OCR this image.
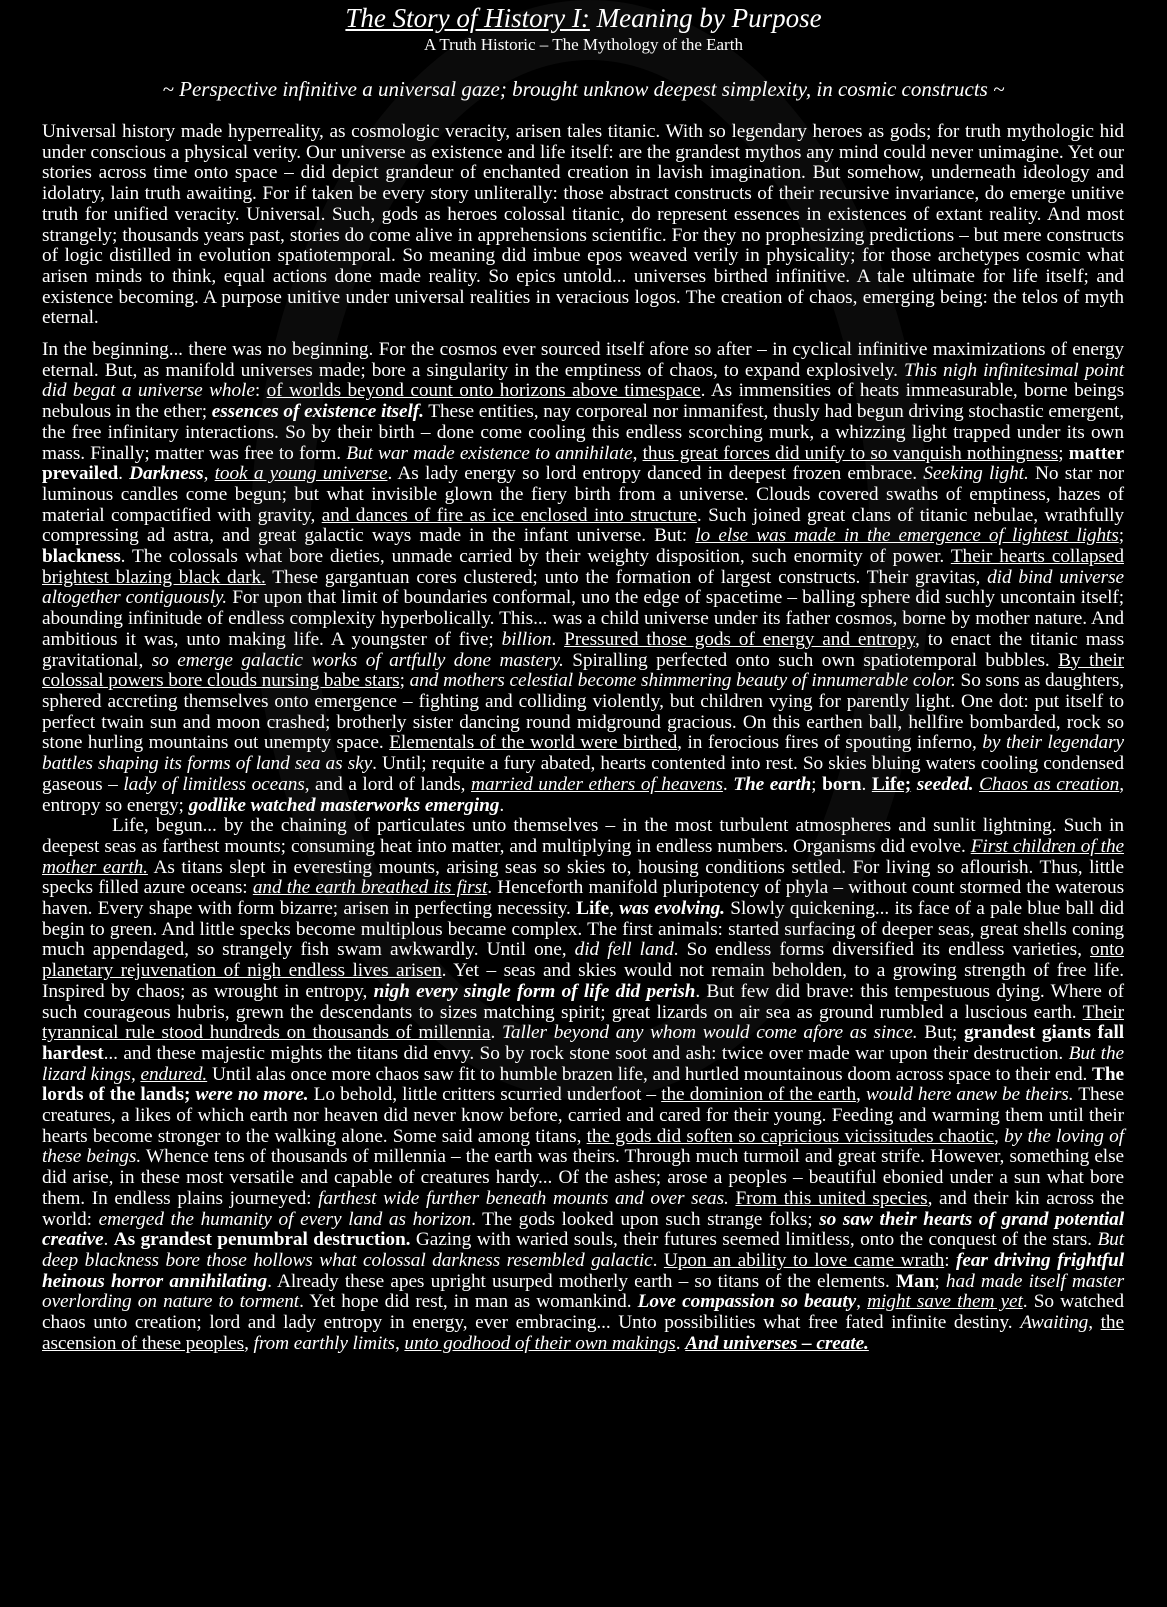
The Story of History I: Meaning by Purpose
A Truth Historic – The Mythology of the Earth
~ Perspective infinitive a universal gaze; brought unknow deepest simplexity, in cosmic constructs ~

Universal history made hyperreality, as cosmologic veracity, arisen tales titanic. With so legendary heroes as gods; for truth mythologic hid under conscious a physical verity. Our universe as existence and life itself: are the grandest mythos any mind could never unimagine. Yet our stories across time onto space – did depict grandeur of enchanted creation in lavish imagination. But somehow, underneath ideology and idolatry, lain truth awaiting. For if taken be every story unliterally: those abstract constructs of their recursive invariance, do emerge unitive truth for unified veracity. Universal. Such, gods as heroes colossal titanic, do represent essences in existences of extant reality. And most strangely; thousands years past, stories do come alive in apprehensions scientific. For they no prophesizing predictions – but mere constructs of logic distilled in evolution spatiotemporal. So meaning did imbue epos weaved verily in physicality; for those archetypes cosmic what arisen minds to think, equal actions done made reality. So epics untold... universes birthed infinitive. A tale ultimate for life itself; and existence becoming. A purpose unitive under universal realities in veracious logos. The creation of chaos, emerging being: the telos of myth eternal.

In the beginning... there was no beginning. For the cosmos ever sourced itself afore so after – in cyclical infinitive maximizations of energy eternal. But, as manifold universes made; bore a singularity in the emptiness of chaos, to expand explosively. This nigh infinitesimal point did begat a universe whole: of worlds beyond count onto horizons above timespace. As immensities of heats immeasurable, borne beings nebulous in the ether; essences of existence itself. These entities, nay corporeal nor inmanifest, thusly had begun driving stochastic emergent, the free infinitary interactions. So by their birth – done come cooling this endless scorching murk, a whizzing light trapped under its own mass. Finally; matter was free to form. But war made existence to annihilate, thus great forces did unify to so vanquish nothingness; matter prevailed. Darkness, took a young universe. As lady energy so lord entropy danced in deepest frozen embrace. Seeking light. No star nor luminous candles come begun; but what invisible glown the fiery birth from a universe. Clouds covered swaths of emptiness, hazes of material compactified with gravity, and dances of fire as ice enclosed into structure. Such joined great clans of titanic nebulae, wrathfully compressing ad astra, and great galactic ways made in the infant universe. But: lo else was made in the emergence of lightest lights; blackness. The colossals what bore dieties, unmade carried by their weighty disposition, such enormity of power. Their hearts collapsed brightest blazing black dark. These gargantuan cores clustered; unto the formation of largest constructs. Their gravitas, did bind universe altogether contiguously. For upon that limit of boundaries conformal, uno the edge of spacetime – balling sphere did suchly uncontain itself; abounding infinitude of endless complexity hyperbolically. This... was a child universe under its father cosmos, borne by mother nature. And ambitious it was, unto making life. A youngster of five; billion. Pressured those gods of energy and entropy, to enact the titanic mass gravitational, so emerge galactic works of artfully done mastery. Spiralling perfected onto such own spatiotemporal bubbles. By their colossal powers bore clouds nursing babe stars; and mothers celestial become shimmering beauty of innumerable color. So sons as daughters, sphered accreting themselves onto emergence – fighting and colliding violently, but children vying for parently light. One dot: put itself to perfect twain sun and moon crashed; brotherly sister dancing round midground gracious. On this earthen ball, hellfire bombarded, rock so stone hurling mountains out unempty space. Elementals of the world were birthed, in ferocious fires of spouting inferno, by their legendary battles shaping its forms of land sea as sky. Until; requite a fury abated, hearts contented into rest. So skies bluing waters cooling condensed gaseous – lady of limitless oceans, and a lord of lands, married under ethers of heavens. The earth; born. Life; seeded. Chaos as creation, entropy so energy; godlike watched masterworks emerging.

Life, begun... by the chaining of particulates unto themselves – in the most turbulent atmospheres and sunlit lightning. Such in deepest seas as farthest mounts; consuming heat into matter, and multiplying in endless numbers. Organisms did evolve. First children of the mother earth. As titans slept in everesting mounts, arising seas so skies to, housing conditions settled. For living so aflourish. Thus, little specks filled azure oceans: and the earth breathed its first. Henceforth manifold pluripotency of phyla – without count stormed the waterous haven. Every shape with form bizarre; arisen in perfecting necessity. Life, was evolving. Slowly quickening... its face of a pale blue ball did begin to green. And little specks become multiplous became complex. The first animals: started surfacing of deeper seas, great shells coning much appendaged, so strangely fish swam awkwardly. Until one, did fell land. So endless forms diversified its endless varieties, onto planetary rejuvenation of nigh endless lives arisen. Yet – seas and skies would not remain beholden, to a growing strength of free life. Inspired by chaos; as wrought in entropy, nigh every single form of life did perish. But few did brave: this tempestuous dying. Where of such courageous hubris, grewn the descendants to sizes matching spirit; great lizards on air sea as ground rumbled a luscious earth. Their tyrannical rule stood hundreds on thousands of millennia. Taller beyond any whom would come afore as since. But; grandest giants fall hardest... and these majestic mights the titans did envy. So by rock stone soot and ash: twice over made war upon their destruction. But the lizard kings, endured. Until alas once more chaos saw fit to humble brazen life, and hurtled mountainous doom across space to their end. The lords of the lands; were no more. Lo behold, little critters scurried underfoot – the dominion of the earth, would here anew be theirs. These creatures, a likes of which earth nor heaven did never know before, carried and cared for their young. Feeding and warming them until their hearts become stronger to the walking alone. Some said among titans, the gods did soften so capricious vicissitudes chaotic, by the loving of these beings. Whence tens of thousands of millennia – the earth was theirs. Through much turmoil and great strife. However, something else did arise, in these most versatile and capable of creatures hardy... Of the ashes; arose a peoples – beautiful ebonied under a sun what bore them. In endless plains journeyed: farthest wide further beneath mounts and over seas. From this united species, and their kin across the world: emerged the humanity of every land as horizon. The gods looked upon such strange folks; so saw their hearts of grand potential creative. As grandest penumbral destruction. Gazing with waried souls, their futures seemed limitless, onto the conquest of the stars. But deep blackness bore those hollows what colossal darkness resembled galactic. Upon an ability to love came wrath: fear driving frightful heinous horror annihilating. Already these apes upright usurped motherly earth – so titans of the elements. Man; had made itself master overlording on nature to torment. Yet hope did rest, in man as womankind. Love compassion so beauty, might save them yet. So watched chaos unto creation; lord and lady entropy in energy, ever embracing... Unto possibilities what free fated infinite destiny. Awaiting, the ascension of these peoples, from earthly limits, unto godhood of their own makings. And universes – create.
